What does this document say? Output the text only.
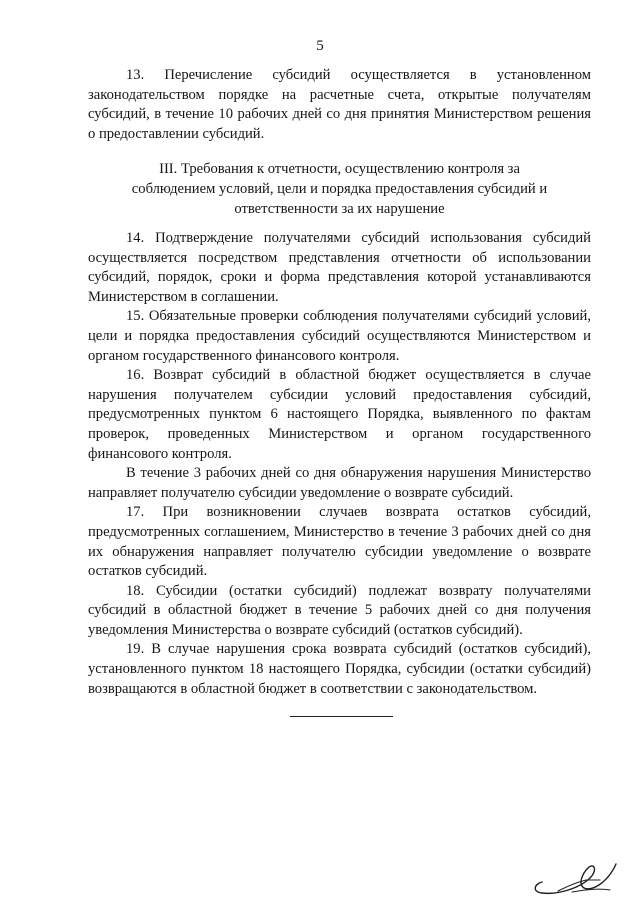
5

13. Перечисление субсидий осуществляется в установленном законодательством порядке на расчетные счета, открытые получателям субсидий, в течение 10 рабочих дней со дня принятия Министерством решения о предоставлении субсидий.

III. Требования к отчетности, осуществлению контроля за
соблюдением условий, цели и порядка предоставления субсидий и
ответственности за их нарушение

14. Подтверждение получателями субсидий использования субсидий осуществляется посредством представления отчетности об использовании субсидий, порядок, сроки и форма представления которой устанавливаются Министерством в соглашении.

15. Обязательные проверки соблюдения получателями субсидий условий, цели и порядка предоставления субсидий осуществляются Министерством и органом государственного финансового контроля.

16. Возврат субсидий в областной бюджет осуществляется в случае нарушения получателем субсидии условий предоставления субсидий, предусмотренных пунктом 6 настоящего Порядка, выявленного по фактам проверок, проведенных Министерством и органом государственного финансового контроля.

В течение 3 рабочих дней со дня обнаружения нарушения Министерство направляет получателю субсидии уведомление о возврате субсидий.

17. При возникновении случаев возврата остатков субсидий, предусмотренных соглашением, Министерство в течение 3 рабочих дней со дня их обнаружения направляет получателю субсидии уведомление о возврате остатков субсидий.

18. Субсидии (остатки субсидий) подлежат возврату получателями субсидий в областной бюджет в течение 5 рабочих дней со дня получения уведомления Министерства о возврате субсидий (остатков субсидий).

19. В случае нарушения срока возврата субсидий (остатков субсидий), установленного пунктом 18 настоящего Порядка, субсидии (остатки субсидий) возвращаются в областной бюджет в соответствии с законодательством.
